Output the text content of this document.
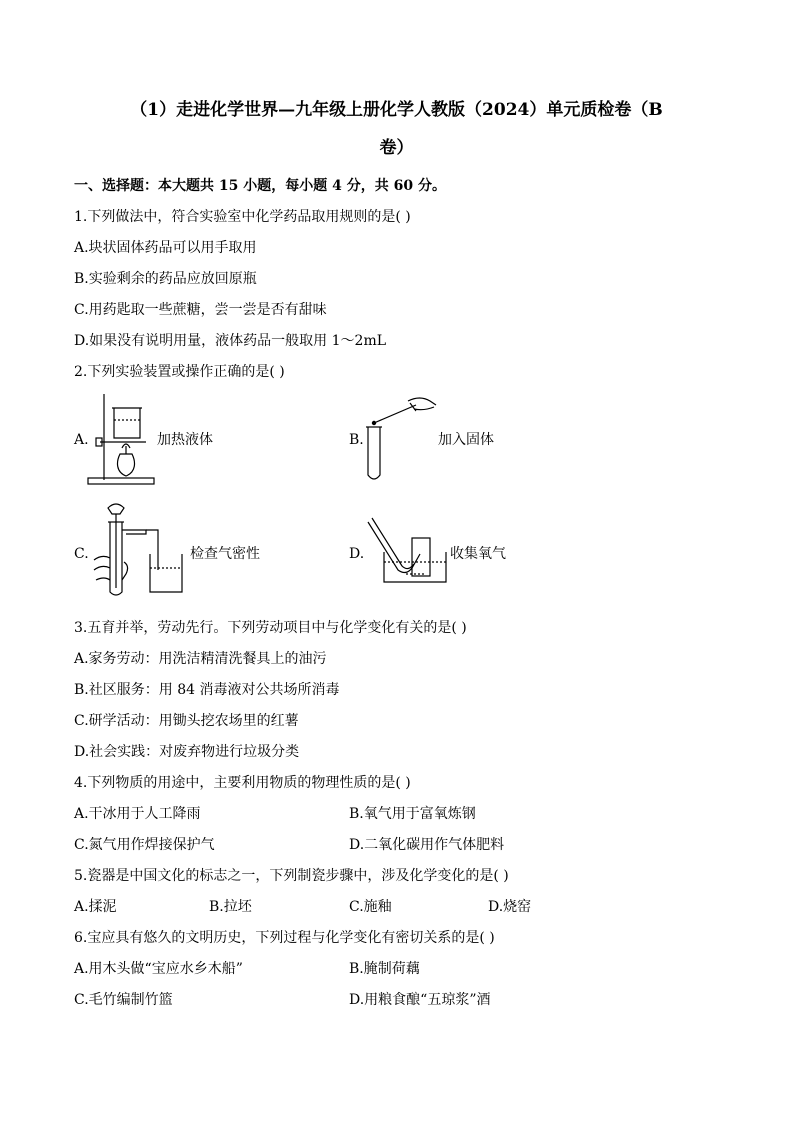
（1）走进化学世界—九年级上册化学人教版（2024）单元质检卷（B
卷）
一、选择题：本大题共 15 小题，每小题 4 分，共 60 分。
1.下列做法中，符合实验室中化学药品取用规则的是( )
A.块状固体药品可以用手取用
B.实验剩余的药品应放回原瓶
C.用药匙取一些蔗糖，尝一尝是否有甜味
D.如果没有说明用量，液体药品一般取用 1～2mL
2.下列实验装置或操作正确的是( )
A.	加热液体	B.	加入固体
C.	检查气密性	D.	收集氧气
3.五育并举，劳动先行。下列劳动项目中与化学变化有关的是( )
A.家务劳动：用洗洁精清洗餐具上的油污
B.社区服务：用 84 消毒液对公共场所消毒
C.研学活动：用锄头挖农场里的红薯
D.社会实践：对废弃物进行垃圾分类
4.下列物质的用途中，主要利用物质的物理性质的是( )
A.干冰用于人工降雨	B.氧气用于富氧炼钢
C.氮气用作焊接保护气	D.二氧化碳用作气体肥料
5.瓷器是中国文化的标志之一，下列制瓷步骤中，涉及化学变化的是( )
A.揉泥	B.拉坯	C.施釉	D.烧窑
6.宝应具有悠久的文明历史，下列过程与化学变化有密切关系的是( )
A.用木头做“宝应水乡木船”	B.腌制荷藕
C.毛竹编制竹篮	D.用粮食酿“五琼浆”酒
